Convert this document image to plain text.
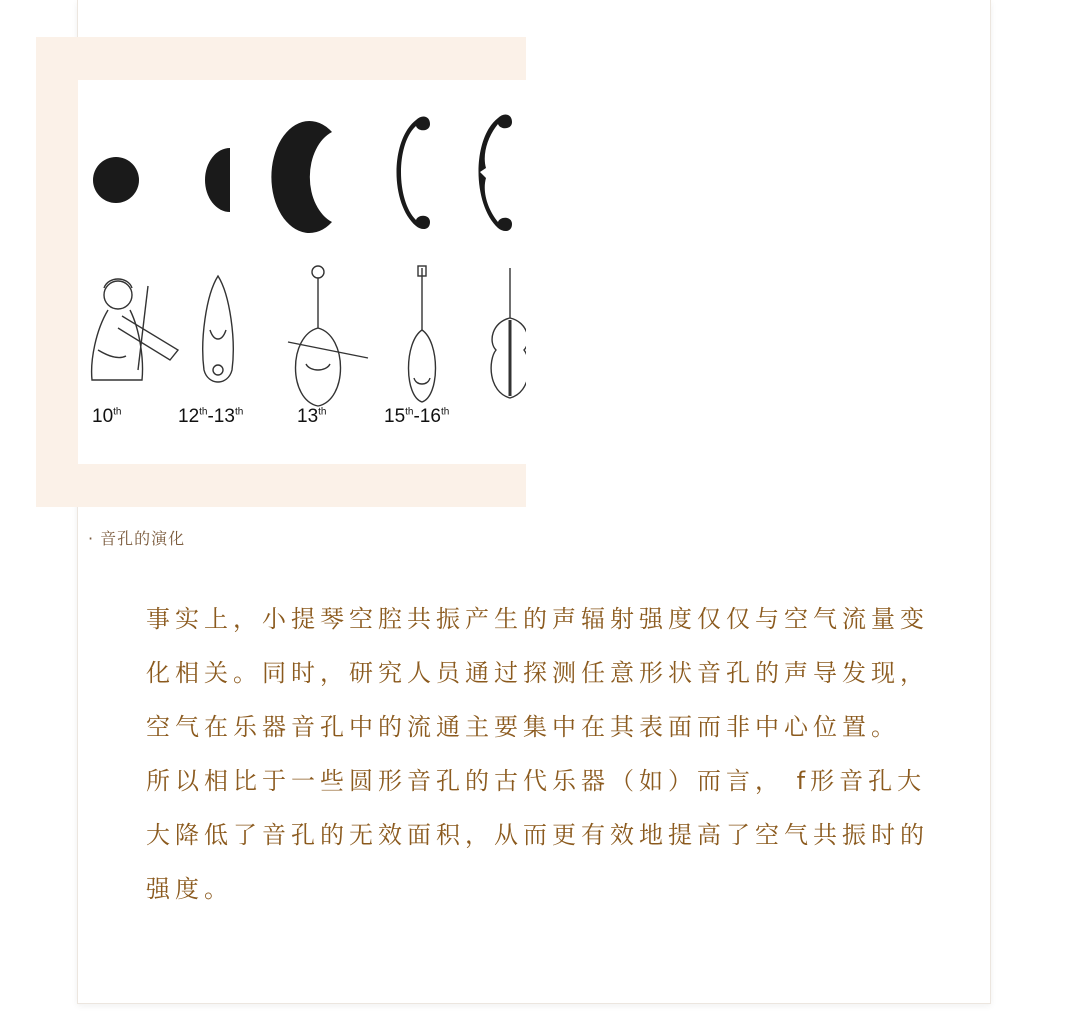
10th	12th-13th	13th	15th-16th
· 音孔的演化

事实上，小提琴空腔共振产生的声辐射强度仅仅与空气流量变化相关。同时，研究人员通过探测任意形状音孔的声导发现，空气在乐器音孔中的流通主要集中在其表面而非中心位置。

所以相比于一些圆形音孔的古代乐器（如）而言， f形音孔大大降低了音孔的无效面积，从而更有效地提高了空气共振时的强度。
